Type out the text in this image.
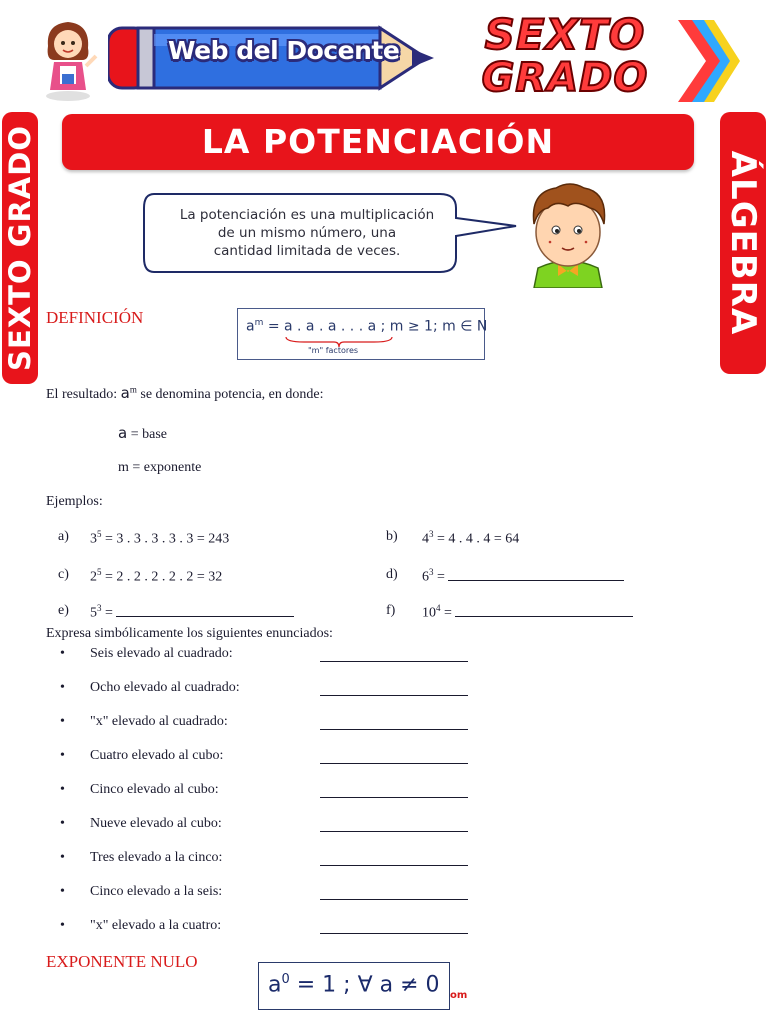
Web del Docente	SEXTO
GRADO
SEXTO GRADO	ÁLGEBRA
LA POTENCIACIÓN
La potenciación es una multiplicación
de un mismo número, una
cantidad limitada de veces.
DEFINICIÓN	$a^m = a$ . a . a . . . a ; m ≥ 1; m ∈ N
"m" factores
El resultado: $a^m$ se denomina potencia, en donde:
a = base
m = exponente
Ejemplos:
a) $3^5 = 3$ . 3 . 3 . 3 . 3 = 243	b) $4^3 = 4$ . 4 . 4 = 64
c) $2^5 = 2$ . 2 . 2 . 2 . 2 = 32	d) $6^3$ =
e) $5^3$ =	f) $10^4$ =
Expresa simbólicamente los siguientes enunciados:
• Seis elevado al cuadrado:
• Ocho elevado al cuadrado:
• "x" elevado al cuadrado:
• Cuatro elevado al cubo:
• Cinco elevado al cubo:
• Nueve elevado al cubo:
• Tres elevado a la cinco:
• Cinco elevado a la seis:
• "x" elevado a la cuatro:
EXPONENTE NULO
$a^0 = 1$ ; ∀ a ≠ 0 om
